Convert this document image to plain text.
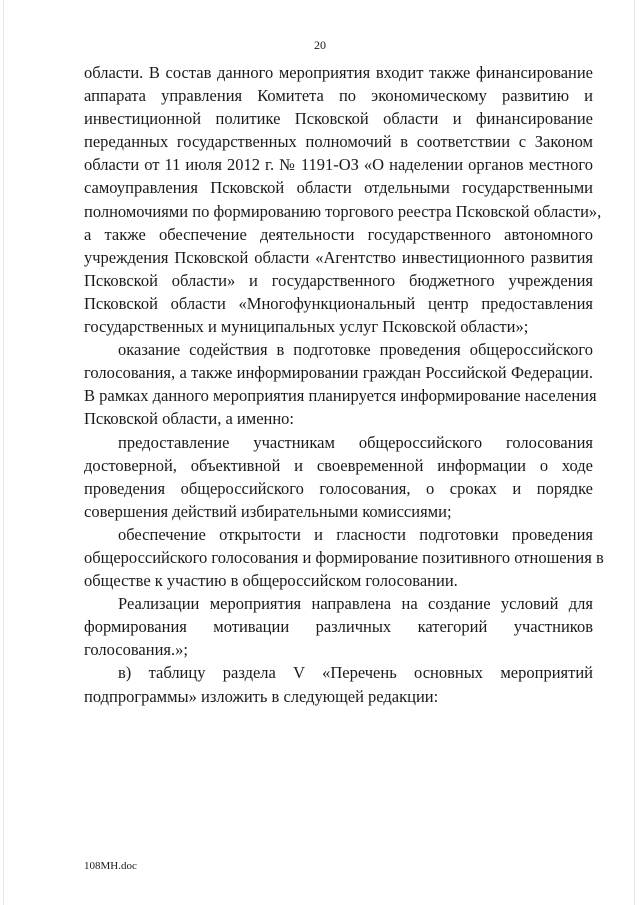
20
области. В состав данного мероприятия входит также финансирование
аппарата управления Комитета по экономическому развитию и
инвестиционной политике Псковской области и финансирование
переданных государственных полномочий в соответствии с Законом
области от 11 июля 2012 г. № 1191-ОЗ «О наделении органов местного
самоуправления Псковской области отдельными государственными
полномочиями по формированию торгового реестра Псковской области»,
а также обеспечение деятельности государственного автономного
учреждения Псковской области «Агентство инвестиционного развития
Псковской области» и государственного бюджетного учреждения
Псковской области «Многофункциональный центр предоставления
государственных и муниципальных услуг Псковской области»;
оказание содействия в подготовке проведения общероссийского
голосования, а также информировании граждан Российской Федерации.
В рамках данного мероприятия планируется информирование населения
Псковской области, а именно:
предоставление участникам общероссийского голосования
достоверной, объективной и своевременной информации о ходе
проведения общероссийского голосования, о сроках и порядке
совершения действий избирательными комиссиями;
обеспечение открытости и гласности подготовки проведения
общероссийского голосования и формирование позитивного отношения в
обществе к участию в общероссийском голосовании.
Реализации мероприятия направлена на создание условий для
формирования мотивации различных категорий участников
голосования.»;
в) таблицу раздела V «Перечень основных мероприятий
подпрограммы» изложить в следующей редакции:
108МН.doc
